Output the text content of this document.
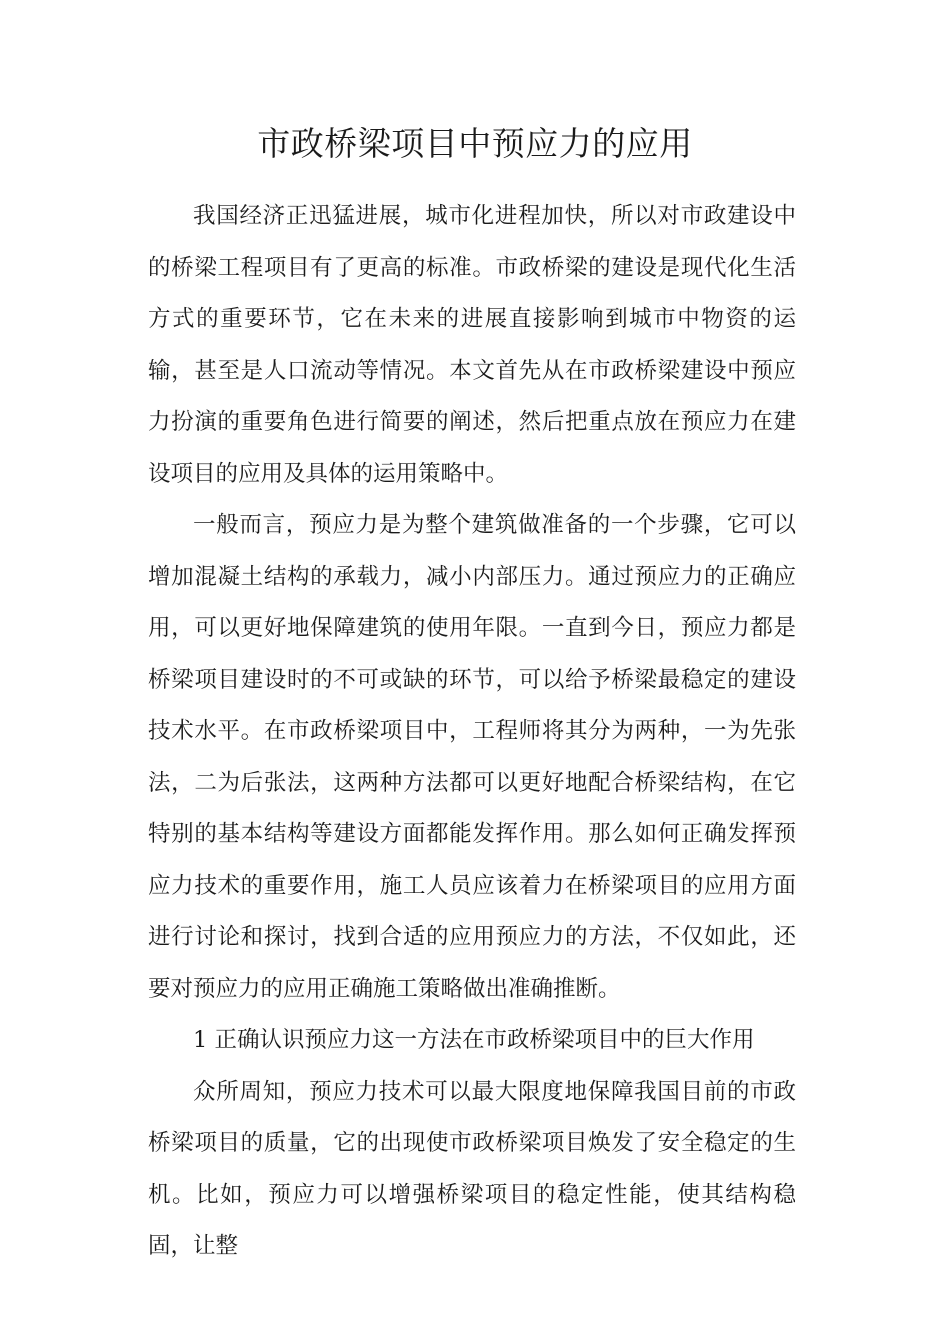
市政桥梁项目中预应力的应用

我国经济正迅猛进展，城市化进程加快，所以对市政建设中的桥梁工程项目有了更高的标准。市政桥梁的建设是现代化生活方式的重要环节，它在未来的进展直接影响到城市中物资的运输，甚至是人口流动等情况。本文首先从在市政桥梁建设中预应力扮演的重要角色进行简要的阐述，然后把重点放在预应力在建设项目的应用及具体的运用策略中。

一般而言，预应力是为整个建筑做准备的一个步骤，它可以增加混凝土结构的承载力，减小内部压力。通过预应力的正确应用，可以更好地保障建筑的使用年限。一直到今日，预应力都是桥梁项目建设时的不可或缺的环节，可以给予桥梁最稳定的建设技术水平。在市政桥梁项目中，工程师将其分为两种，一为先张法，二为后张法，这两种方法都可以更好地配合桥梁结构，在它特别的基本结构等建设方面都能发挥作用。那么如何正确发挥预应力技术的重要作用，施工人员应该着力在桥梁项目的应用方面进行讨论和探讨，找到合适的应用预应力的方法，不仅如此，还要对预应力的应用正确施工策略做出准确推断。

1 正确认识预应力这一方法在市政桥梁项目中的巨大作用

众所周知，预应力技术可以最大限度地保障我国目前的市政桥梁项目的质量，它的出现使市政桥梁项目焕发了安全稳定的生机。比如，预应力可以增强桥梁项目的稳定性能，使其结构稳固，让整
